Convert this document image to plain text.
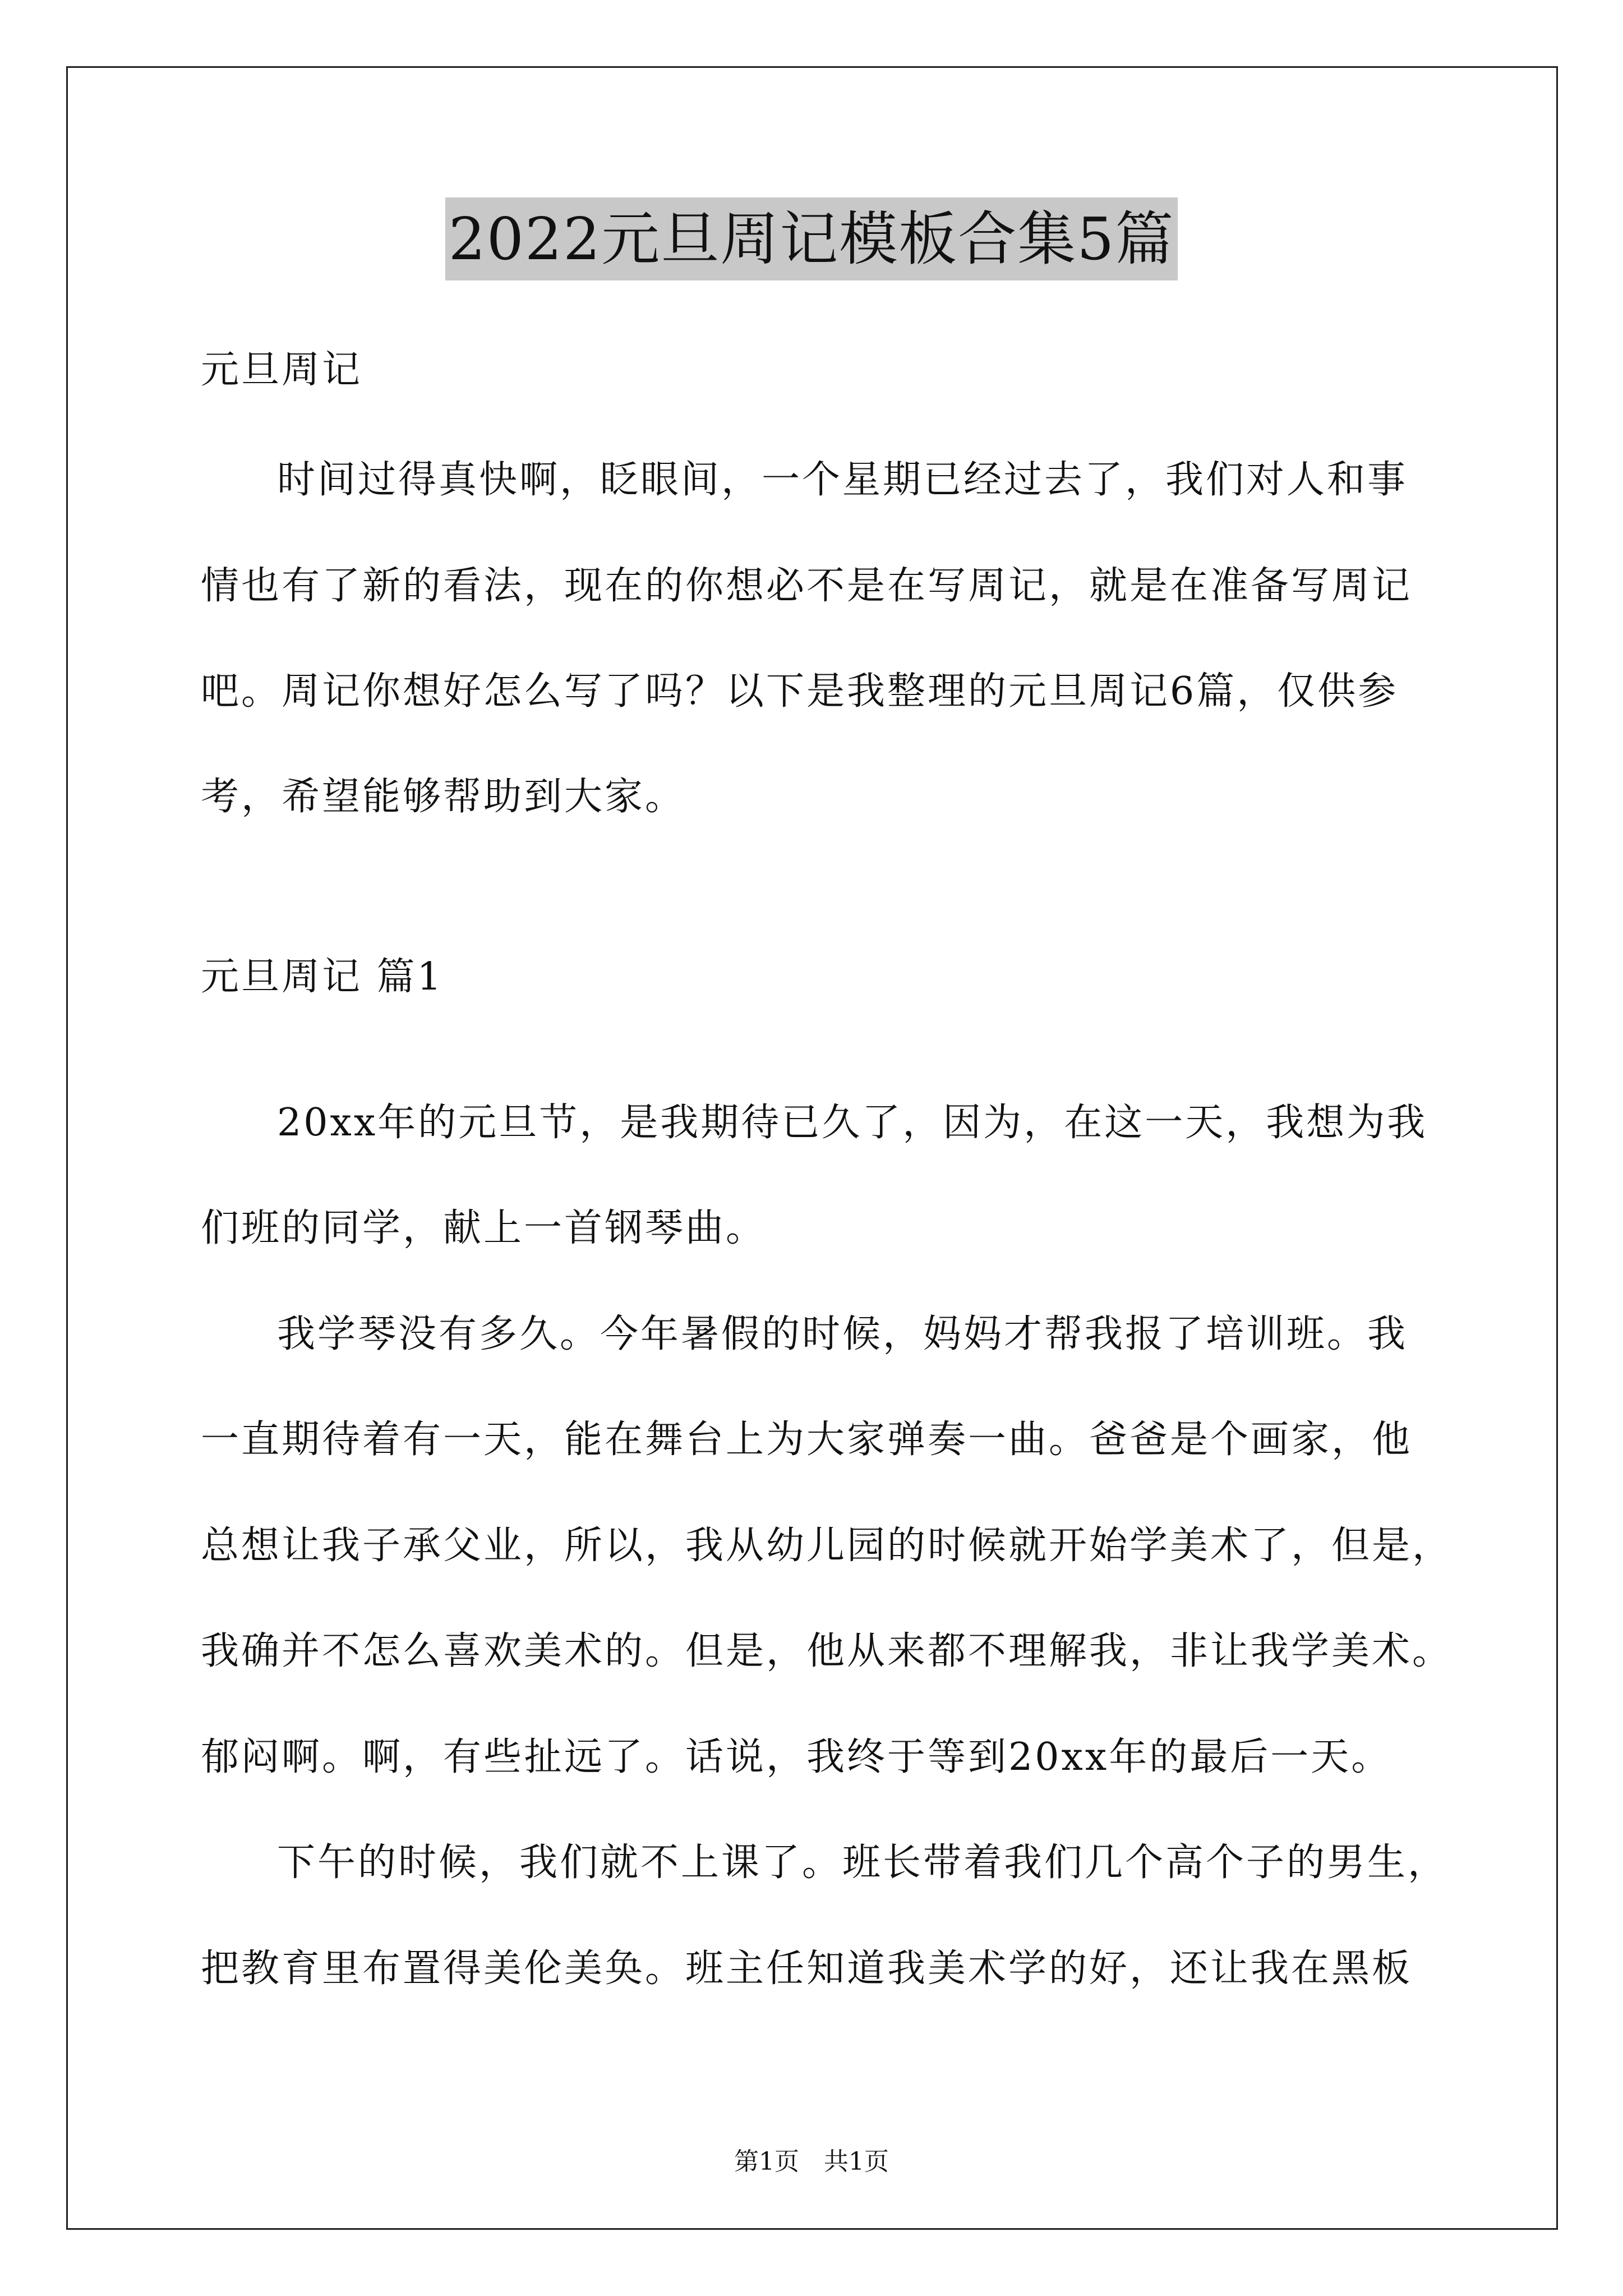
2022元旦周记模板合集5篇

元旦周记

时间过得真快啊，眨眼间，一个星期已经过去了，我们对人和事

情也有了新的看法，现在的你想必不是在写周记，就是在准备写周记

吧。周记你想好怎么写了吗？以下是我整理的元旦周记6篇，仅供参

考，希望能够帮助到大家。

元旦周记 篇1

20xx年的元旦节，是我期待已久了，因为，在这一天，我想为我

们班的同学，献上一首钢琴曲。

我学琴没有多久。今年暑假的时候，妈妈才帮我报了培训班。我

一直期待着有一天，能在舞台上为大家弹奏一曲。爸爸是个画家，他

总想让我子承父业，所以，我从幼儿园的时候就开始学美术了，但是，

我确并不怎么喜欢美术的。但是，他从来都不理解我，非让我学美术。

郁闷啊。啊，有些扯远了。话说，我终于等到20xx年的最后一天。

下午的时候，我们就不上课了。班长带着我们几个高个子的男生，

把教育里布置得美伦美奂。班主任知道我美术学的好，还让我在黑板

第1页　共1页
